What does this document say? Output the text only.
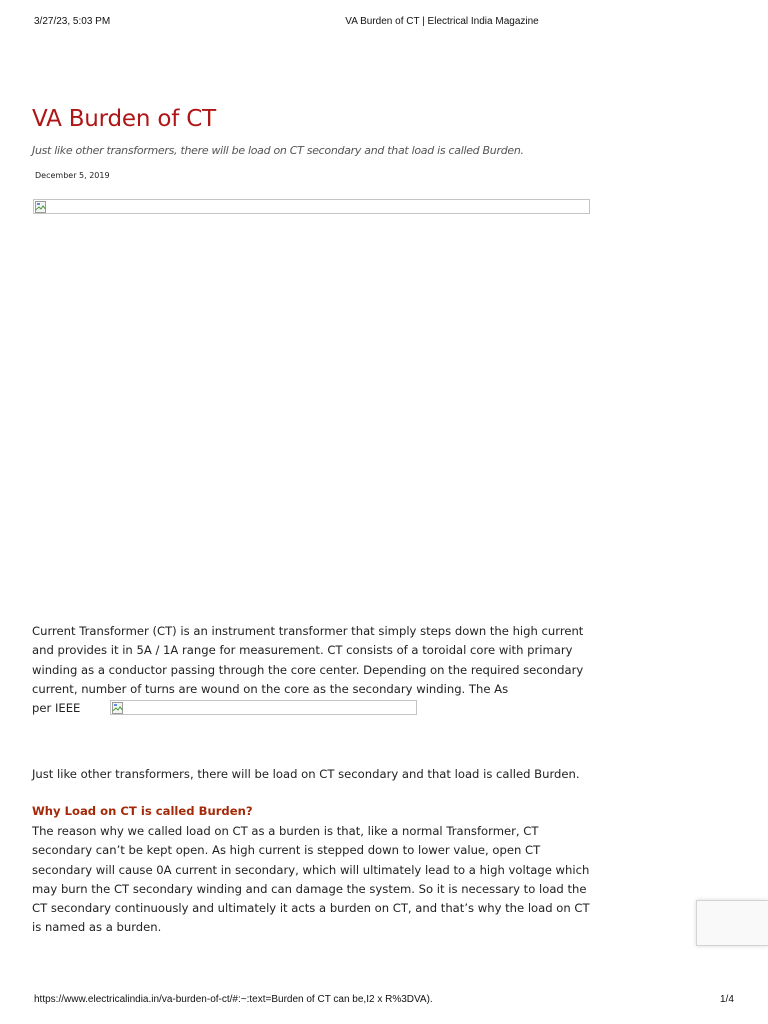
3/27/23, 5:03 PM	VA Burden of CT | Electrical India Magazine
VA Burden of CT

Just like other transformers, there will be load on CT secondary and that load is called Burden.

December 5, 2019
Current Transformer (CT) is an instrument transformer that simply steps down the high current and provides it in 5A / 1A range for measurement. CT consists of a toroidal core with primary winding as a conductor passing through the core center. Depending on the required secondary current, number of turns are wound on the core as the secondary winding. The As
per IEEE

Just like other transformers, there will be load on CT secondary and that load is called Burden.

Why Load on CT is called Burden?

The reason why we called load on CT as a burden is that, like a normal Transformer, CT secondary can’t be kept open. As high current is stepped down to lower value, open CT secondary will cause 0A current in secondary, which will ultimately lead to a high voltage which may burn the CT secondary winding and can damage the system. So it is necessary to load the CT secondary continuously and ultimately it acts a burden on CT, and that’s why the load on CT is named as a burden.

https://www.electricalindia.in/va-burden-of-ct/#:~:text=Burden of CT can be,I2 x R%3DVA).	1/4
